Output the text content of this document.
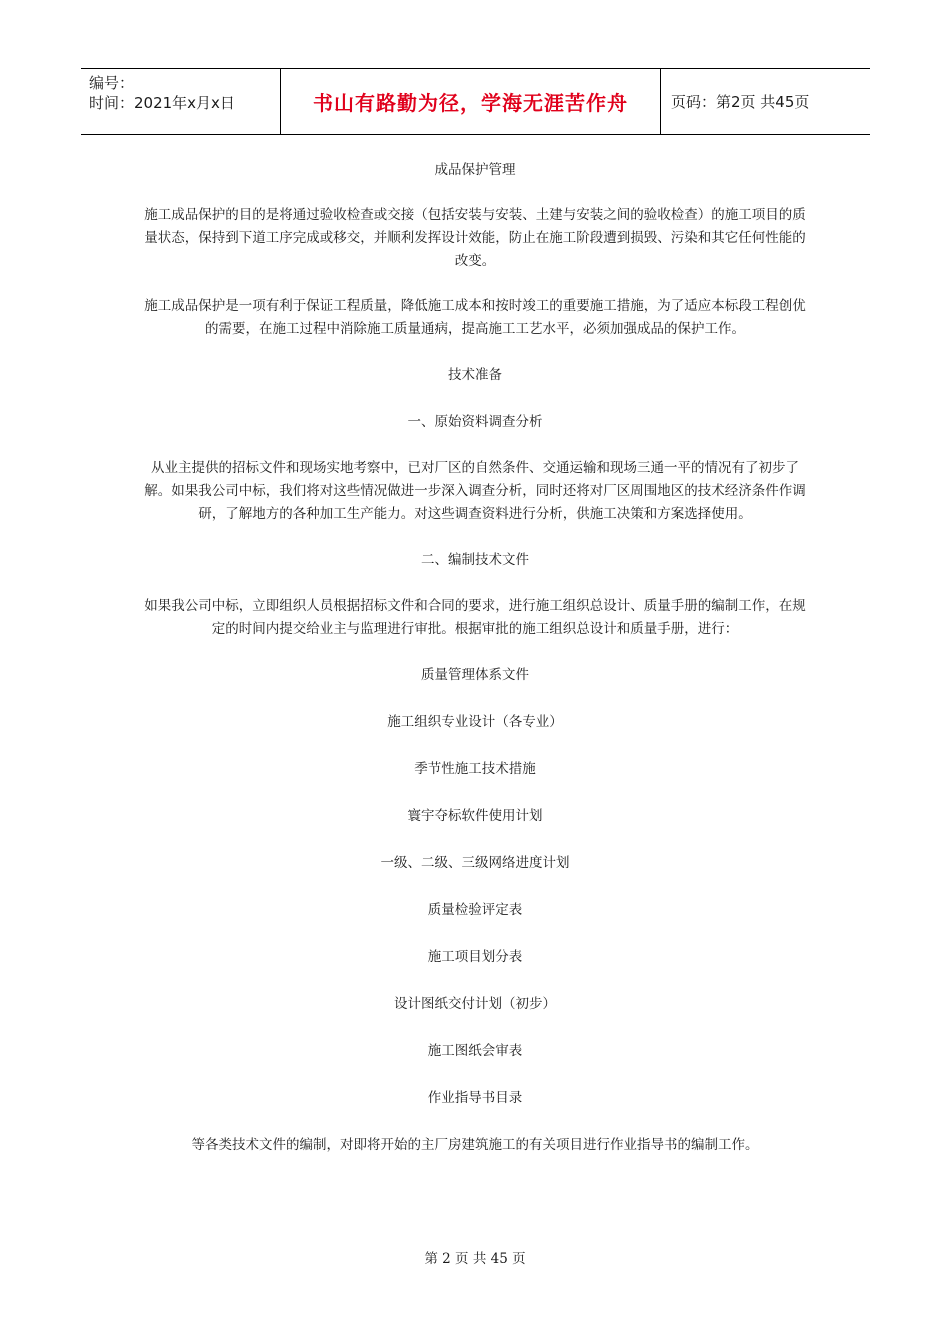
编号：
时间：2021年x月x日	书山有路勤为径，学海无涯苦作舟	页码：第2页 共45页
成品保护管理
施工成品保护的目的是将通过验收检查或交接（包括安装与安装、土建与安装之间的验收检查）的施工项目的质量状态，保持到下道工序完成或移交，并顺利发挥设计效能，防止在施工阶段遭到损毁、污染和其它任何性能的改变。
施工成品保护是一项有利于保证工程质量，降低施工成本和按时竣工的重要施工措施，为了适应本标段工程创优的需要，在施工过程中消除施工质量通病，提高施工工艺水平，必须加强成品的保护工作。
技术准备
一、原始资料调查分析
从业主提供的招标文件和现场实地考察中，已对厂区的自然条件、交通运输和现场三通一平的情况有了初步了解。如果我公司中标，我们将对这些情况做进一步深入调查分析，同时还将对厂区周围地区的技术经济条件作调研，了解地方的各种加工生产能力。对这些调查资料进行分析，供施工决策和方案选择使用。
二、编制技术文件
如果我公司中标，立即组织人员根据招标文件和合同的要求，进行施工组织总设计、质量手册的编制工作，在规定的时间内提交给业主与监理进行审批。根据审批的施工组织总设计和质量手册，进行：
质量管理体系文件
施工组织专业设计（各专业）
季节性施工技术措施
寰宇夺标软件使用计划
一级、二级、三级网络进度计划
质量检验评定表
施工项目划分表
设计图纸交付计划（初步）
施工图纸会审表
作业指导书目录
等各类技术文件的编制，对即将开始的主厂房建筑施工的有关项目进行作业指导书的编制工作。
第 2 页 共 45 页
